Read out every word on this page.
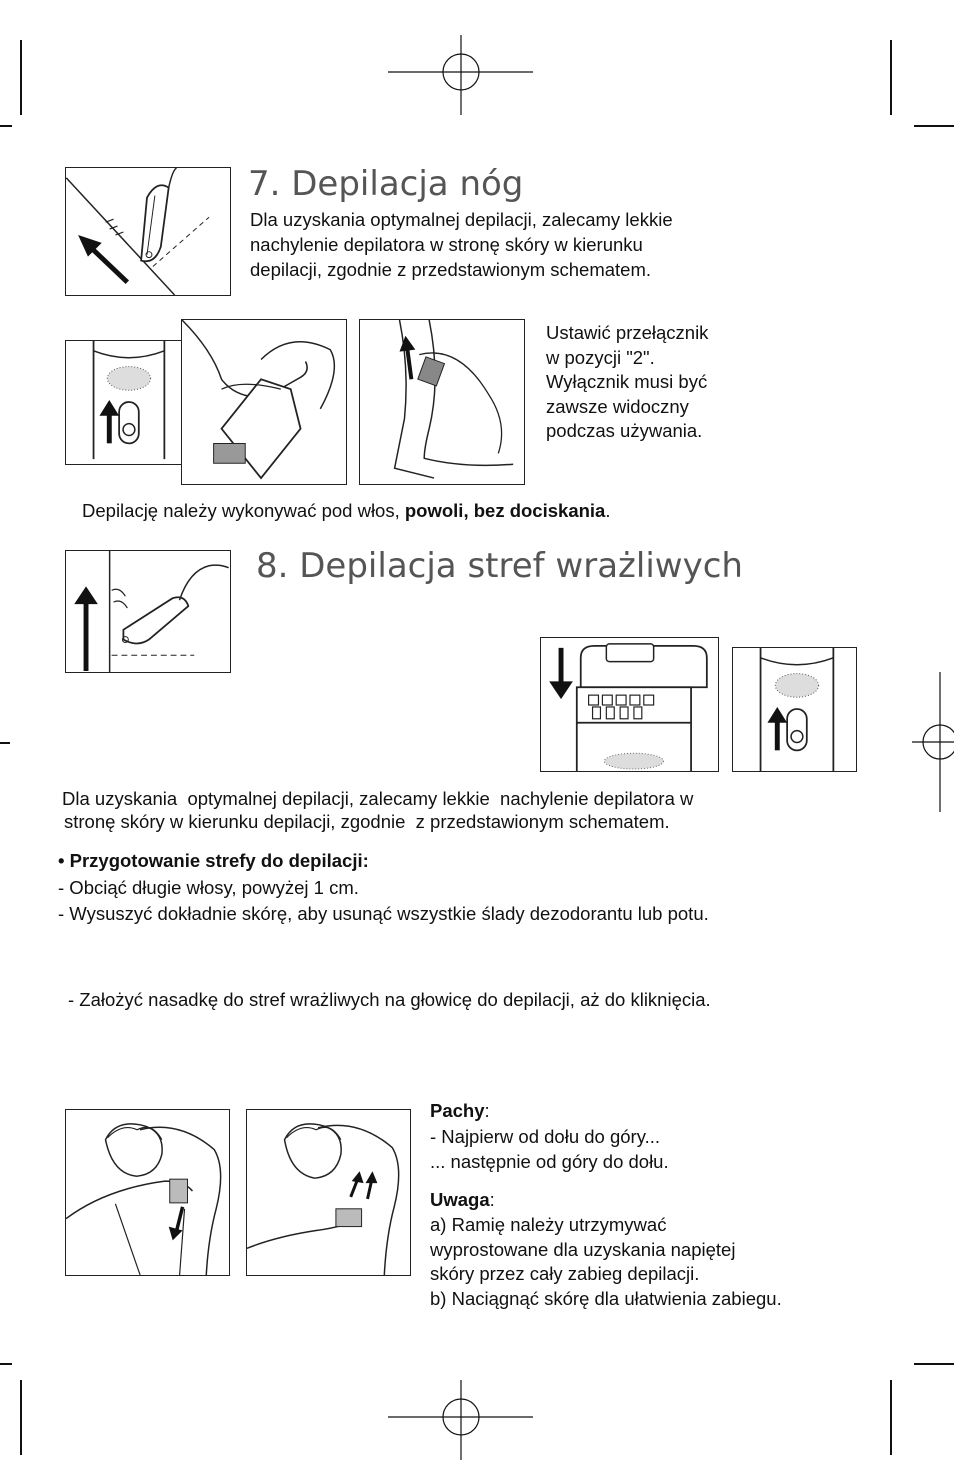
7. Depilacja nóg
Dla uzyskania optymalnej depilacji, zalecamy lekkie
nachylenie depilatora w stronę skóry w kierunku
depilacji, zgodnie z przedstawionym schematem.
Ustawić przełącznik
w pozycji "2".
Wyłącznik musi być
zawsze widoczny
podczas używania.
Depilację należy wykonywać pod włos, powoli, bez dociskania.
8. Depilacja stref wrażliwych
Dla uzyskania  optymalnej depilacji, zalecamy lekkie  nachylenie depilatora w
stronę skóry w kierunku depilacji, zgodnie  z przedstawionym schematem.
• Przygotowanie strefy do depilacji:
- Obciąć długie włosy, powyżej 1 cm.
- Wysuszyć dokładnie skórę, aby usunąć wszystkie ślady dezodorantu lub potu.
- Założyć nasadkę do stref wrażliwych na głowicę do depilacji, aż do kliknięcia.
Pachy:
- Najpierw od dołu do góry...
... następnie od góry do dołu.
Uwaga:
a) Ramię należy utrzymywać
wyprostowane dla uzyskania napiętej
skóry przez cały zabieg depilacji.
b) Naciągnąć skórę dla ułatwienia zabiegu.
